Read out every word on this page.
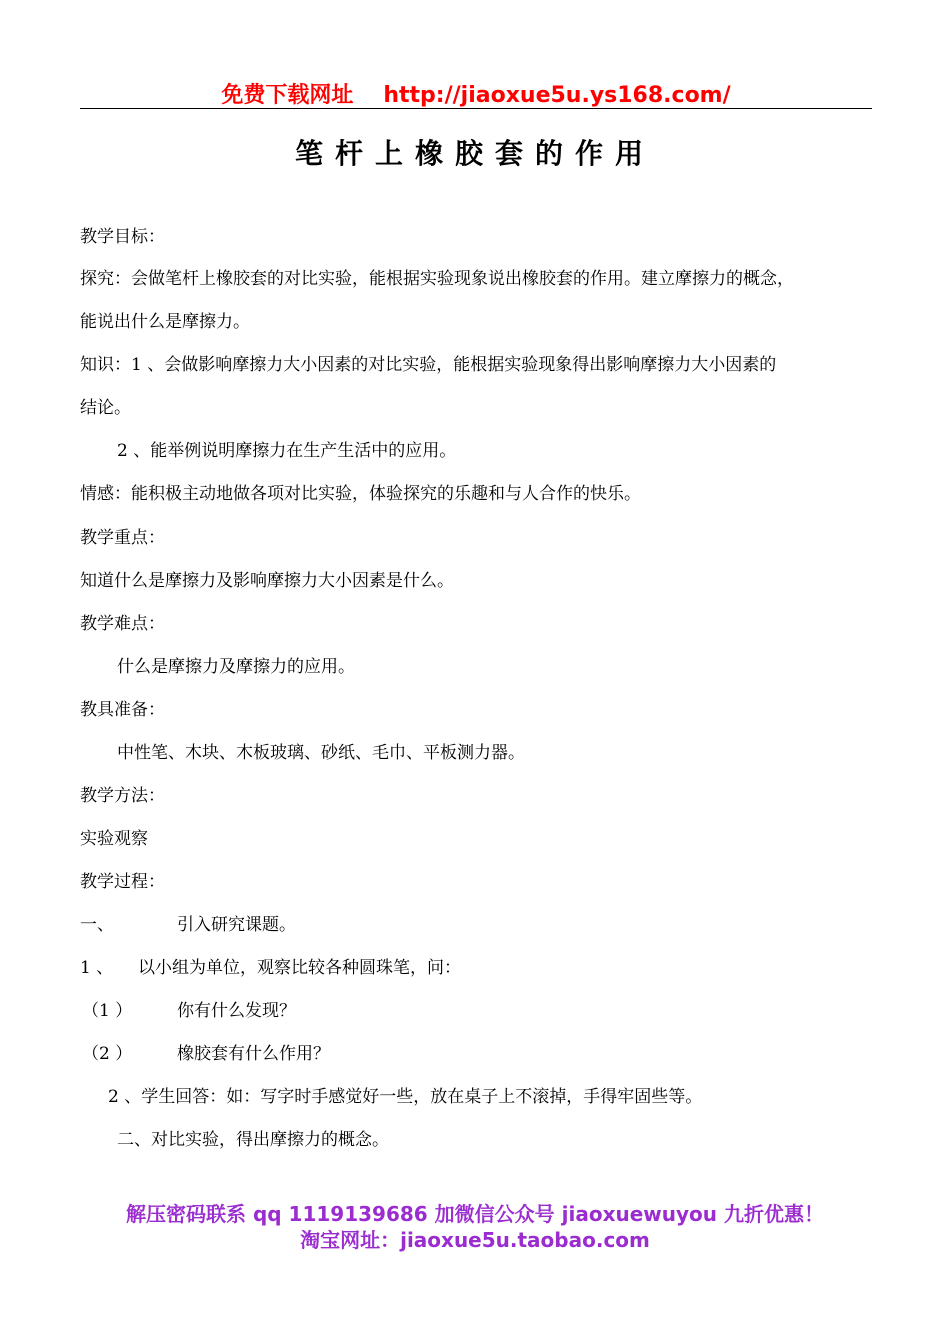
免费下载网址 http://jiaoxue5u.ys168.com/
笔杆上橡胶套的作用
教学目标：
探究：会做笔杆上橡胶套的对比实验，能根据实验现象说出橡胶套的作用。建立摩擦力的概念，
能说出什么是摩擦力。
知识：1 、会做影响摩擦力大小因素的对比实验，能根据实验现象得出影响摩擦力大小因素的
结论。
2 、能举例说明摩擦力在生产生活中的应用。
情感：能积极主动地做各项对比实验，体验探究的乐趣和与人合作的快乐。
教学重点：
知道什么是摩擦力及影响摩擦力大小因素是什么。
教学难点：
什么是摩擦力及摩擦力的应用。
教具准备：
中性笔、木块、木板玻璃、砂纸、毛巾、平板测力器。
教学方法：
实验观察
教学过程：
一、	引入研究课题。
1 、 以小组为单位，观察比较各种圆珠笔，问：
（1 ）	你有什么发现？
（2 ）	橡胶套有什么作用？
2 、学生回答：如：写字时手感觉好一些，放在桌子上不滚掉，手得牢固些等。
二、对比实验，得出摩擦力的概念。
解压密码联系 qq 1119139686 加微信公众号 jiaoxuewuyou 九折优惠！
淘宝网址：jiaoxue5u.taobao.com
